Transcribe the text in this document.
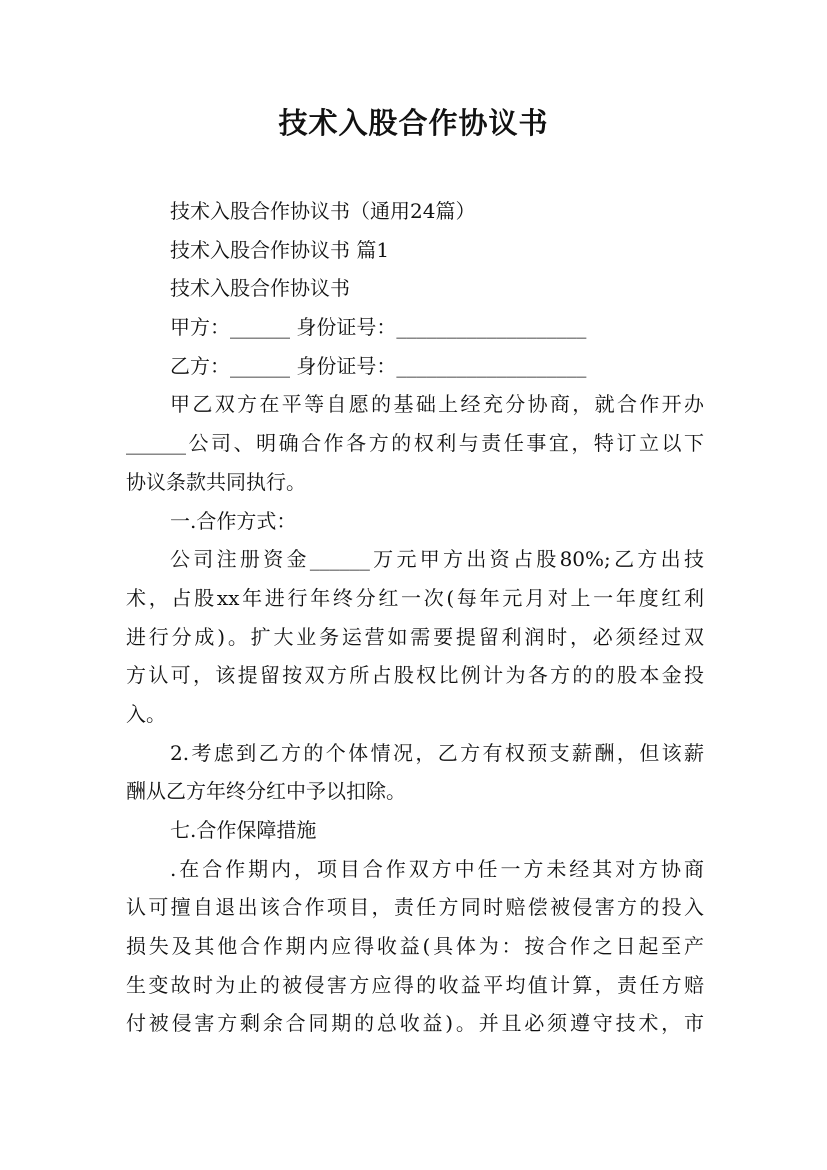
技术入股合作协议书
技术入股合作协议书（通用24篇）
技术入股合作协议书 篇1
技术入股合作协议书
甲方：______ 身份证号：___________________
乙方：______ 身份证号：___________________
甲乙双方在平等自愿的基础上经充分协商，就合作开办
______公司、明确合作各方的权利与责任事宜，特订立以下
协议条款共同执行。
一.合作方式：
公司注册资金______万元甲方出资占股80%;乙方出技
术，占股xx年进行年终分红一次(每年元月对上一年度红利
进行分成)。扩大业务运营如需要提留利润时，必须经过双
方认可，该提留按双方所占股权比例计为各方的的股本金投
入。
2.考虑到乙方的个体情况，乙方有权预支薪酬，但该薪
酬从乙方年终分红中予以扣除。
七.合作保障措施
.在合作期内，项目合作双方中任一方未经其对方协商
认可擅自退出该合作项目，责任方同时赔偿被侵害方的投入
损失及其他合作期内应得收益(具体为：按合作之日起至产
生变故时为止的被侵害方应得的收益平均值计算，责任方赔
付被侵害方剩余合同期的总收益)。并且必须遵守技术，市
